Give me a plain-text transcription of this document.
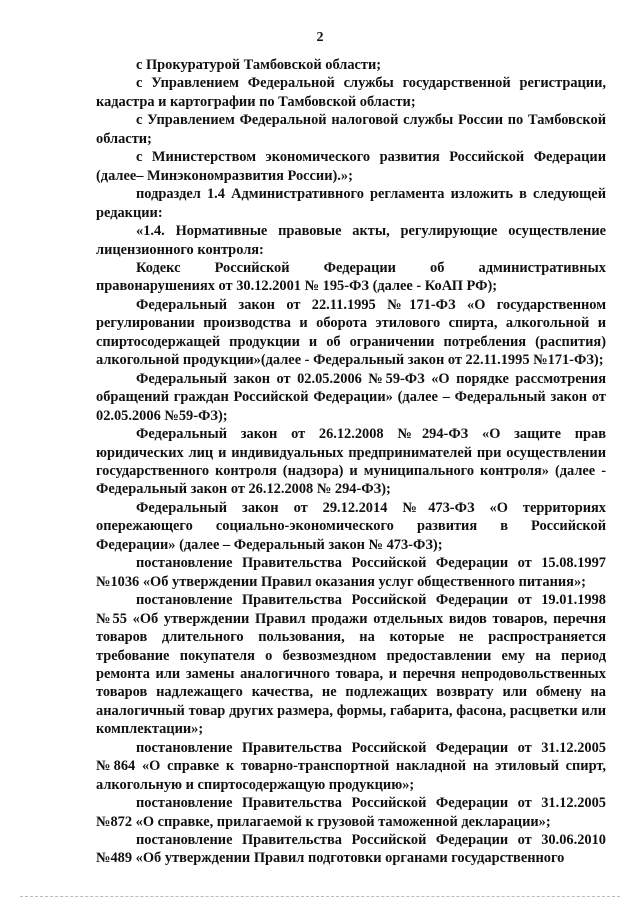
2

с Прокуратурой Тамбовской области;

с Управлением Федеральной службы государственной регистрации, кадастра и картографии по Тамбовской области;

с Управлением Федеральной налоговой службы России по Тамбовской области;

с Министерством экономического развития Российской Федерации (далее– Минэкономразвития России).»;

подраздел 1.4 Административного регламента изложить в следующей редакции:

«1.4. Нормативные правовые акты, регулирующие осуществление лицензионного контроля:

Кодекс Российской Федерации об административных правонарушениях от 30.12.2001 № 195-ФЗ (далее - КоАП РФ);

Федеральный закон от 22.11.1995 №171-ФЗ «О государственном регулировании производства и оборота этилового спирта, алкогольной и спиртосодержащей продукции и об ограничении потребления (распития) алкогольной продукции»(далее - Федеральный закон от 22.11.1995 №171-ФЗ);

Федеральный закон от 02.05.2006 №59-ФЗ «О порядке рассмотрения обращений граждан Российской Федерации» (далее – Федеральный закон от 02.05.2006 №59-ФЗ);

Федеральный закон от 26.12.2008 №294-ФЗ «О защите прав юридических лиц и индивидуальных предпринимателей при осуществлении государственного контроля (надзора) и муниципального контроля» (далее - Федеральный закон от 26.12.2008 № 294-ФЗ);

Федеральный закон от 29.12.2014 №473-ФЗ «О территориях опережающего социально-экономического развития в Российской Федерации» (далее – Федеральный закон № 473-ФЗ);

постановление Правительства Российской Федерации от 15.08.1997 №1036 «Об утверждении Правил оказания услуг общественного питания»;

постановление Правительства Российской Федерации от 19.01.1998 №55 «Об утверждении Правил продажи отдельных видов товаров, перечня товаров длительного пользования, на которые не распространяется требование покупателя о безвозмездном предоставлении ему на период ремонта или замены аналогичного товара, и перечня непродовольственных товаров надлежащего качества, не подлежащих возврату или обмену на аналогичный товар других размера, формы, габарита, фасона, расцветки или комплектации»;

постановление Правительства Российской Федерации от 31.12.2005 №864 «О справке к товарно-транспортной накладной на этиловый спирт, алкогольную и спиртосодержащую продукцию»;

постановление Правительства Российской Федерации от 31.12.2005 №872 «О справке, прилагаемой к грузовой таможенной декларации»;

постановление Правительства Российской Федерации от 30.06.2010 №489 «Об утверждении Правил подготовки органами государственного
